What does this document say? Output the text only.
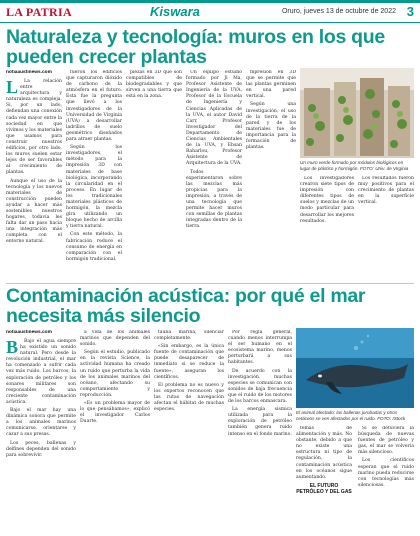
LA PATRIA	Kiswara	Oruro, jueves 13 de octubre de 2022 3
Naturaleza y tecnología: muros en los que pueden crecer plantas
notiaaustinews.com
L	La relación entre arquitectura y naturaleza es compleja. Si, por un lado, defiendan una conexión cada vez mayor entre la sociedad en que vivimos y los materiales que usamos para construir nuestros edificios, por otro lado, los muros suelen estar lejos de ser favorables al crecimiento de plantas.

Aunque el uso de la tecnología y los nuevos materiales de construcción pueden ayudar a hacer más sostenibles nuestros hogares, todavía les falta dar un paso hacia una integración más completa con el entorno natural.

fueron los edificios que capturaron dióxido de carbono de la atmósfera en el futuro. Esta fue la pregunta que llevó a los investigadores de la Universidad de Virginia (UVA) a desarrollar ladrillos de suelo geométrico diseñados para atraer plantas.

Según los investigadores, el método para la impresión 3D con materiales de base biológica, incorporando la circularidad en el proceso. En lugar de los tradicionales materiales plásticos de hormigón, la mezcla gira utilizando un bloque hecho de arcilla y tierra natural.

Con este método, la fabricación reduce el consumo de energía en comparación con el hormigón tradicional.

piezas en 3D que son compatibles de biodegradables y que sirven a una tierra que está en la zona.

Un equipo estudió formado por Ji Ma, Profesor Asistente de Ingeniería de la UVA, Profesor de la Escuela de Ingeniería y Ciencias Aplicadas de la UVA, el autor David Carr, Profesor Investigador del Departamento de Ciencias Ambientales de la UVA, y Ehsan Baharlou, Profesor Asistente de Arquitectura de la UVA.

Todos experimentaron sobre las mezclas más propicias para la impresión, a través de una tecnología que permite hacer muros con semillas de plantas integradas dentro de la tierra.

mpresión en 3D que se permite que las plantas germinen en una pared vertical.

Según una investigación, el uso de la tierra de la pared y de los materiales fue de importancia para la formación de plantas.

Un muro verde formado por módulos biológicos en lugar de plástico y hormigón. FOTO: Univ. de Virginia

Los investigadores crearon siete tipos de impresión con diferentes tipos de suelos y mezclas de un modo particular para desarrollar los mejores resultados.

Los resultados fueron muy positivos para el crecimiento de plantas en la superficie vertical.

Contaminación acústica: por qué el mar necesita más silencio
notiaaustinews.com
B	Bajo el agua siempre ha existido un sonido natural. Pero desde la revolución industrial, el mar ha comenzado a sufrir cada vez más ruido. Los barcos, la exploración de petróleo y los sonares militares son responsables de una creciente contaminación acústica.

Bajo el mar hay una dinámica sonora que permite a los animales marinos comunicarse, orientarse y cazar a sus presas.

Los peces, ballenas y delfines dependen del sonido para sobrevivir.

a vida de los animales marinos que dependen del sonido.

Según el estudio, publicado en la revista Science, la actividad humana ha creado un ruido que perturba la vida de los animales marinos del océano, afectando su comportamiento y reproducción.

«Es un problema mayor de lo que pensábamos», explicó el investigador Carlos Duarte.

fauna marina, silenciar completamente.

«Sin embargo, es la única fuente de contaminación que puede desaparecer de inmediato si se reduce la fuente», aseguran los científicos.

El problema no es nuevo y los expertos reconocen que las rutas de navegación afectan el hábitat de muchas especies.

Por regla general, cuando menos interrumpa el ser humano en el ecosistema marino, menos perturbará a sus habitantes.

De acuerdo con la investigación, muchas especies se comunican con sonidos de baja frecuencia que el ruido de los motores de los barcos enmascara.

La energía sísmica utilizada para la exploración de petróleo también genera ruido intenso en el fondo marino.

El animal afectado: las ballenas jorobadas y otros cetáceos se ven afectados por el ruido. FOTO: IStock

temas de alimentación y más. No obstante, debido a que no existe una estructura ni tipo de regulación, la contaminación acústica en los océanos sigue aumentando.

EL FUTURO PETRÓLEO Y DEL GAS

Si se detuviera la búsqueda de nuevas fuentes de petróleo y gas, el mar se volvería más silencioso.

Los científicos esperan que el ruido marino pueda reducirse con tecnologías más silenciosas.
